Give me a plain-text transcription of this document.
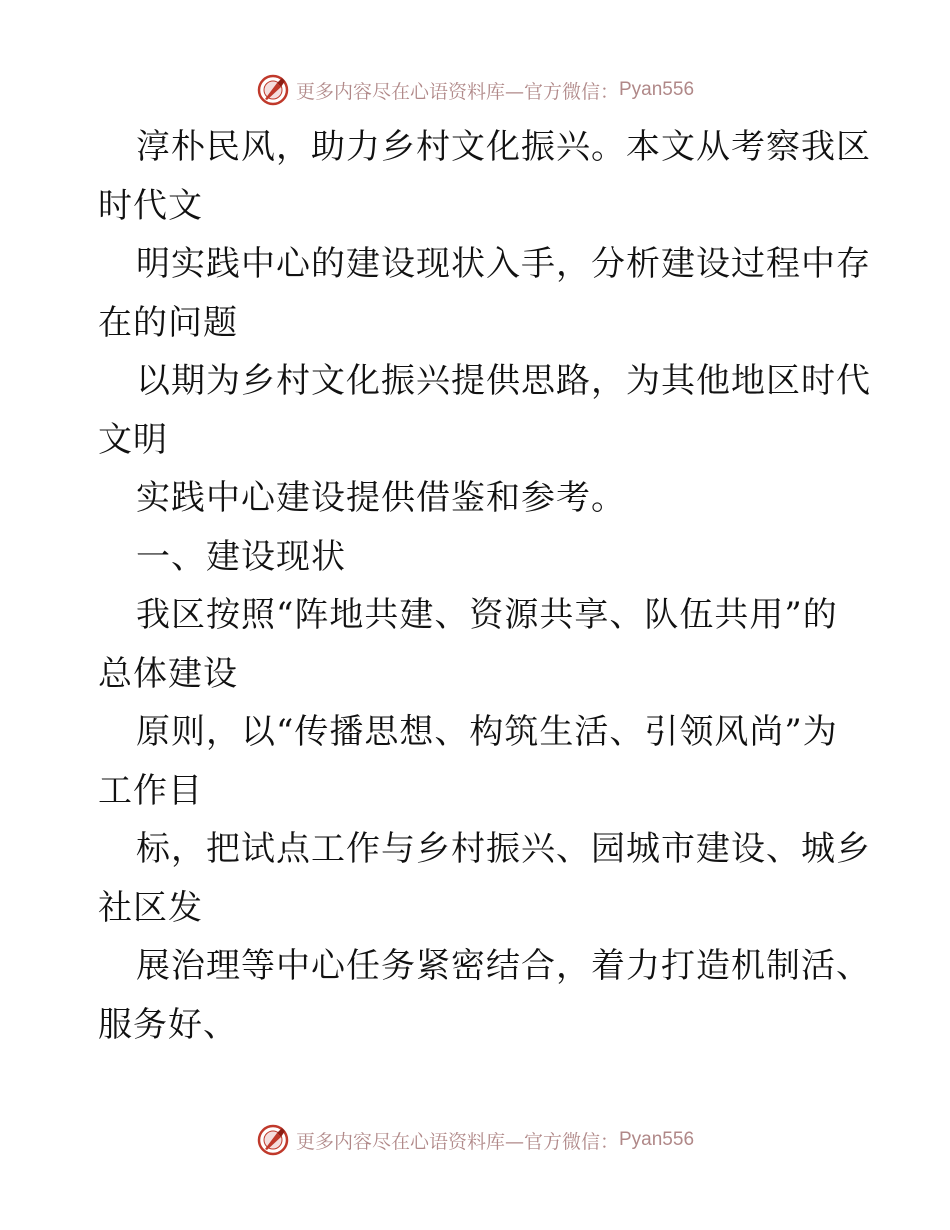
更多内容尽在心语资料库—官方微信： Pyan556
淳朴民风，助力乡村文化振兴。本文从考察我区
时代文
明实践中心的建设现状入手，分析建设过程中存
在的问题
以期为乡村文化振兴提供思路，为其他地区时代
文明
实践中心建设提供借鉴和参考。
一、建设现状
我区按照“阵地共建、资源共享、队伍共用”的
总体建设
原则，以“传播思想、构筑生活、引领风尚”为
工作目
标，把试点工作与乡村振兴、园城市建设、城乡
社区发
展治理等中心任务紧密结合，着力打造机制活、
服务好、
更多内容尽在心语资料库—官方微信： Pyan556
